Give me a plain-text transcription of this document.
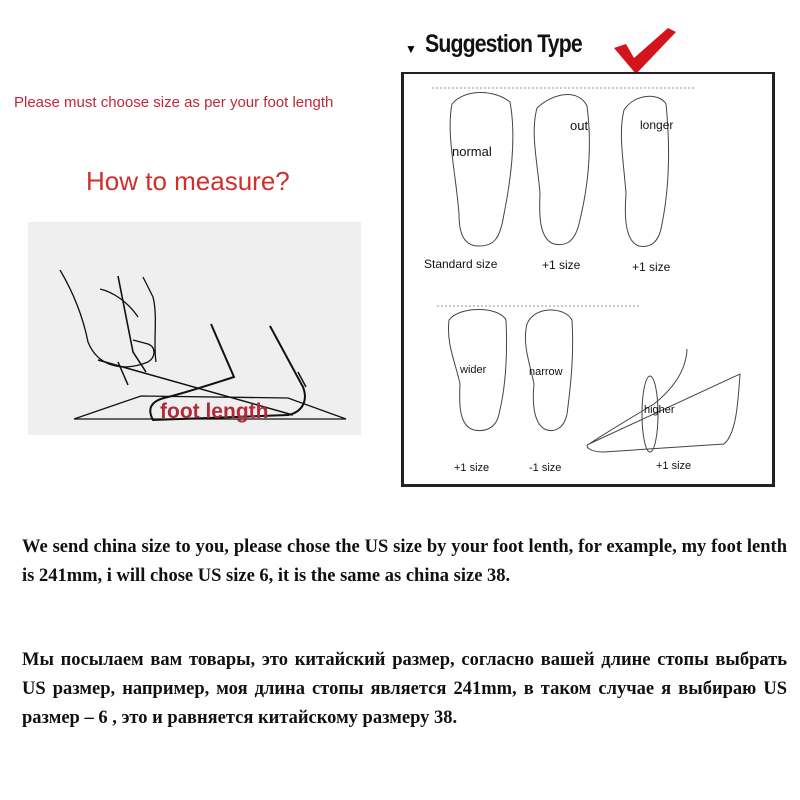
Please must choose size as per your foot length
How to measure?
foot length
▼ Suggestion Type
normal
Standard size
out
+1 size
longer
+1 size
wider
+1 size
narrow
-1 size
higher
+1 size
We send china size to you, please chose the US size by your foot lenth, for example, my foot lenth is 241mm, i will chose US size 6, it is the same as china size 38.
Мы посылаем вам товары, это китайский размер, согласно вашей длине стопы выбрать US размер, например, моя длина стопы является 241mm, в таком случае я выбираю US размер – 6 , это и равняется китайскому размеру 38.
